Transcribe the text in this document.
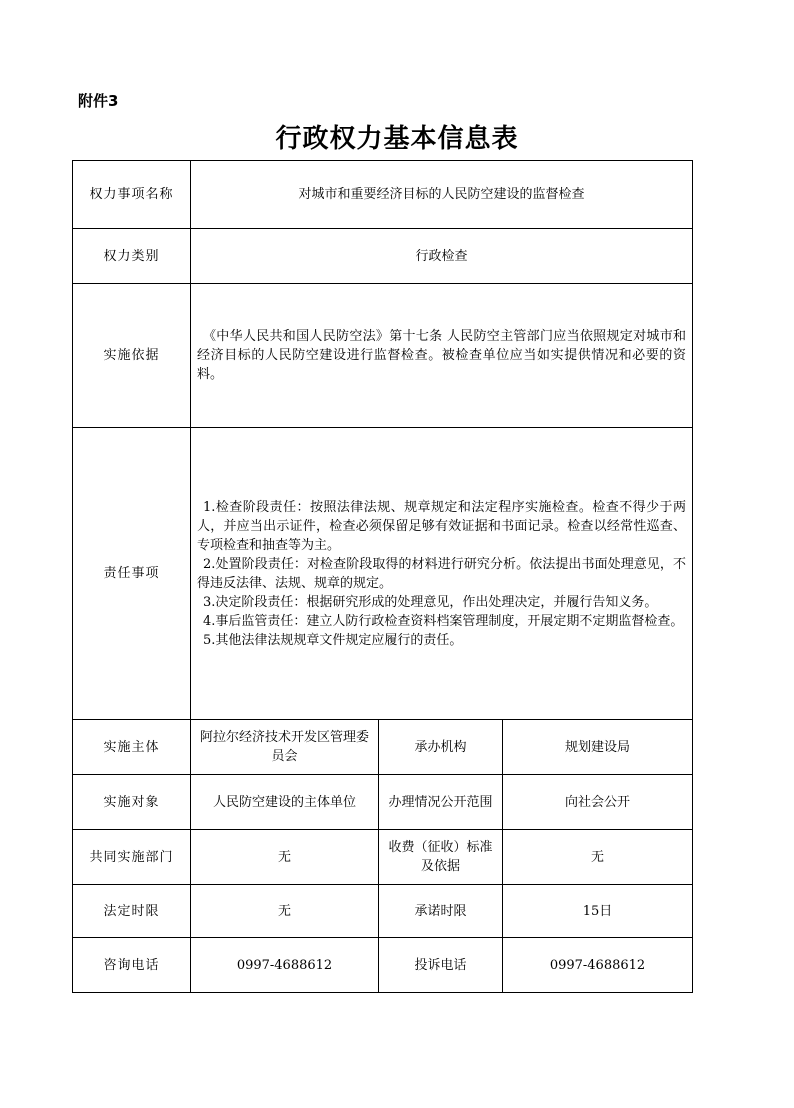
附件3
行政权力基本信息表
权力事项名称	对城市和重要经济目标的人民防空建设的监督检查		
权力类别	行政检查		
实施依据	《中华人民共和国人民防空法》第十七条 人民防空主管部门应当依照规定对城市和经济目标的人民防空建设进行监督检查。被检查单位应当如实提供情况和必要的资料。		

责任事项	1.检查阶段责任：按照法律法规、规章规定和法定程序实施检查。检查不得少于两人，并应当出示证件，检查必须保留足够有效证据和书面记录。检查以经常性巡查、专项检查和抽查等为主。
2.处置阶段责任：对检查阶段取得的材料进行研究分析。依法提出书面处理意见，不得违反法律、法规、规章的规定。
3.决定阶段责任：根据研究形成的处理意见，作出处理决定，并履行告知义务。
4.事后监管责任：建立人防行政检查资料档案管理制度，开展定期不定期监督检查。
5.其他法律法规规章文件规定应履行的责任。		

实施主体	阿拉尔经济技术开发区管理委员会	承办机构	规划建设局
实施对象	人民防空建设的主体单位	办理情况公开范围	向社会公开
共同实施部门	无	收费（征收）标准及依据	无
法定时限	无	承诺时限	15日
咨询电话	0997-4688612	投诉电话	0997-4688612
